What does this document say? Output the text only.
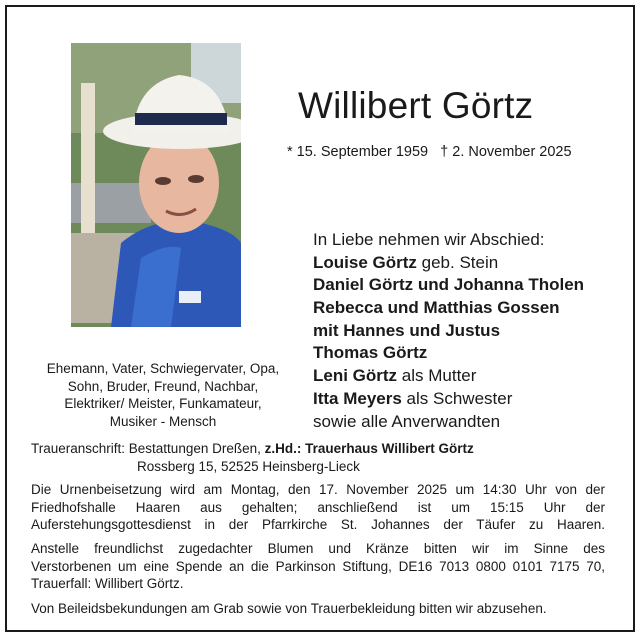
Willibert Görtz
* 15. September 1959 † 2. November 2025
In Liebe nehmen wir Abschied:
Louise Görtz geb. Stein
Daniel Görtz und Johanna Tholen
Rebecca und Matthias Gossen
mit Hannes und Justus
Thomas Görtz
Leni Görtz als Mutter
Itta Meyers als Schwester
sowie alle Anverwandten
Ehemann, Vater, Schwiegervater, Opa,
Sohn, Bruder, Freund, Nachbar,
Elektriker/ Meister, Funkamateur,
Musiker - Mensch
Traueranschrift: Bestattungen Dreßen, z.Hd.: Trauerhaus Willibert Görtz
Rossberg 15, 52525 Heinsberg-Lieck
Die Urnenbeisetzung wird am Montag, den 17. November 2025 um 14:30 Uhr von der
Friedhofshalle Haaren aus gehalten; anschließend ist um 15:15 Uhr der
Auferstehungsgottesdienst in der Pfarrkirche St. Johannes der Täufer zu Haaren.
Anstelle freundlichst zugedachter Blumen und Kränze bitten wir im Sinne des
Verstorbenen um eine Spende an die Parkinson Stiftung, DE16 7013 0800 0101 7175 70,
Trauerfall: Willibert Görtz.
Von Beileidsbekundungen am Grab sowie von Trauerbekleidung bitten wir abzusehen.
